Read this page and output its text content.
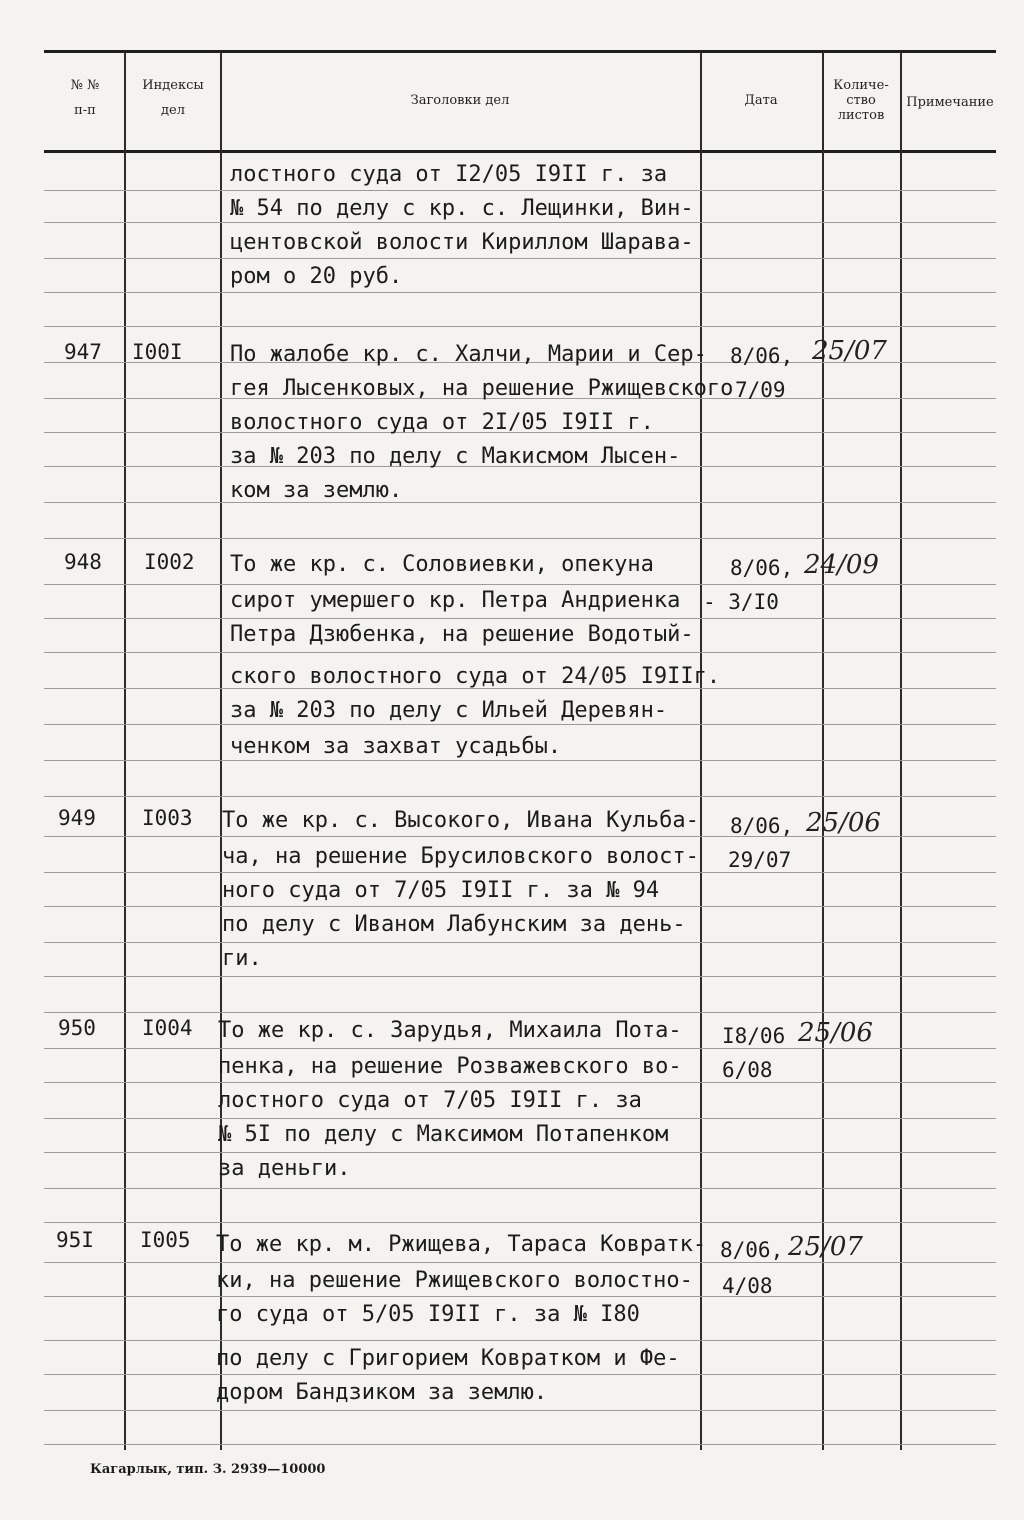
№ №
п-п
Индексы
дел
Заголовки дел	Дата
Количе-
ство
листов
Примечание
лостного суда от I2/05 I9II г. за
№ 54 по делу с кр. с. Лещинки, Вин-
центовской волости Кириллом Шарава-
ром о 20 руб.
947 I00I По жалобе кр. с. Халчи, Марии и Сер-
гея Лысенковых, на решение Ржищевского
волостного суда от 2I/05 I9II г.
за № 203 по делу с Макисмом Лысен-
ком за землю.
8/06,
7/09
25/07
948 I002 То же кр. с. Соловиевки, опекуна
сирот умершего кр. Петра Андриенка
Петра Дзюбенка, на решение Водотый-
ского волостного суда от 24/05 I9IIг.
за № 203 по делу с Ильей Деревян-
ченком за захват усадьбы.
8/06,
- 3/I0
24/09
949 I003 То же кр. с. Высокого, Ивана Кульба-
ча, на решение Брусиловского волост-
ного суда от 7/05 I9II г. за № 94
по делу с Иваном Лабунским за день-
ги.
8/06,
29/07
25/06
950 I004 То же кр. с. Зарудья, Михаила Пота-
пенка, на решение Розважевского во-
лостного суда от 7/05 I9II г. за
№ 5I по делу с Максимом Потапенком
за деньги.
I8/06
6/08
25/06
95I I005 То же кр. м. Ржищева, Тараса Ковратк-
ки, на решение Ржищевского волостно-
го суда от 5/05 I9II г. за № I80
по делу с Григорием Ковратком и Фе-
дором Бандзиком за землю.
8/06,
4/08
25/07
Кагарлык, тип. З. 2939—10000
